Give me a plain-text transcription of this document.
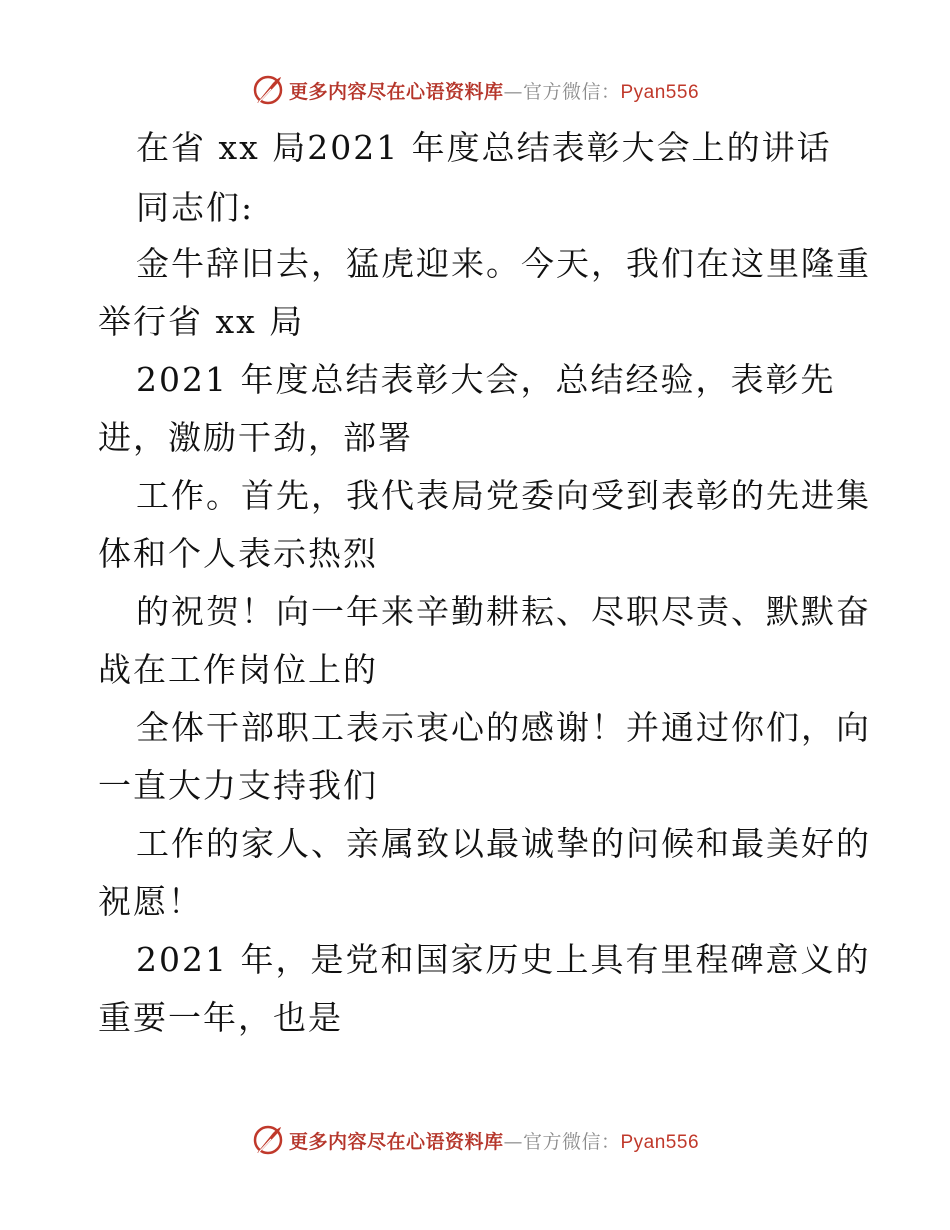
更多内容尽在心语资料库—官方微信：Pyan556
在省 xx 局2021 年度总结表彰大会上的讲话
同志们:
金牛辞旧去，猛虎迎来。今天，我们在这里隆重
举行省 xx 局
2021 年度总结表彰大会，总结经验，表彰先
进，激励干劲，部署
工作。首先，我代表局党委向受到表彰的先进集
体和个人表示热烈
的祝贺！向一年来辛勤耕耘、尽职尽责、默默奋
战在工作岗位上的
全体干部职工表示衷心的感谢！并通过你们，向
一直大力支持我们
工作的家人、亲属致以最诚挚的问候和最美好的
祝愿！
2021 年，是党和国家历史上具有里程碑意义的
重要一年，也是
更多内容尽在心语资料库—官方微信：Pyan556
